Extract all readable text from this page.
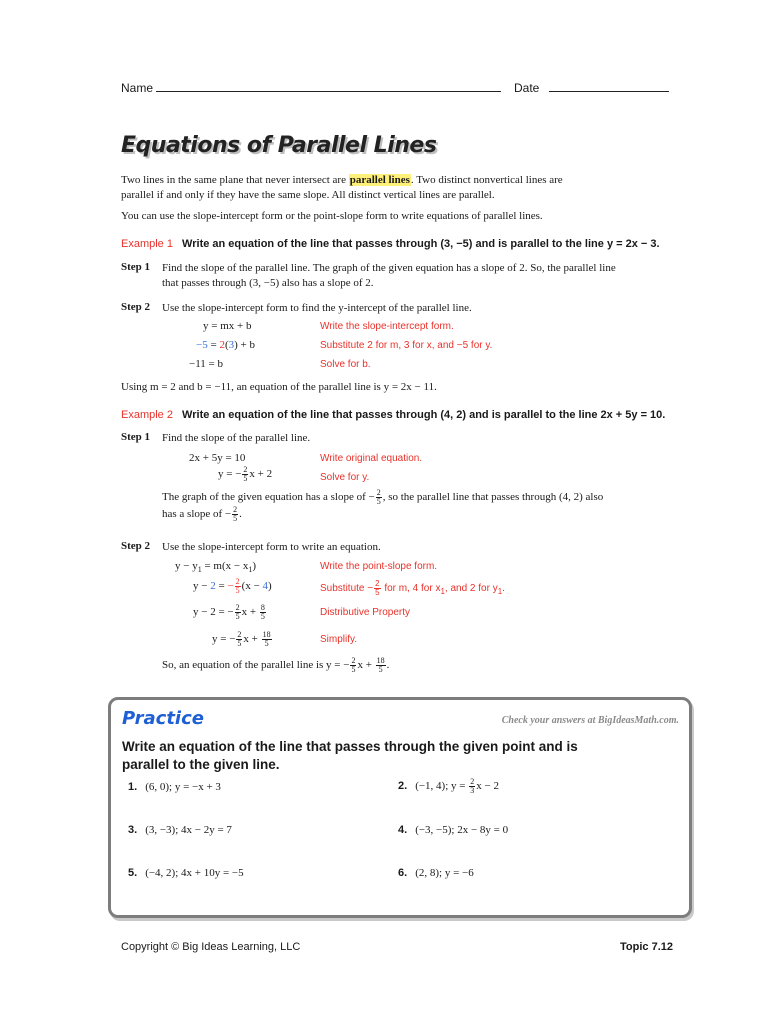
Name	Date
Equations of Parallel Lines
Two lines in the same plane that never intersect are parallel lines. Two distinct nonvertical lines are
parallel if and only if they have the same slope. All distinct vertical lines are parallel.
You can use the slope-intercept form or the point-slope form to write equations of parallel lines.
Example 1 Write an equation of the line that passes through (3, −5) and is parallel to the line y = 2x − 3.
Step 1 Find the slope of the parallel line. The graph of the given equation has a slope of 2. So, the parallel line
that passes through (3, −5) also has a slope of 2.
Step 2 Use the slope-intercept form to find the y-intercept of the parallel line.
y = mx + b	Write the slope-intercept form.
−5 = 2(3) + b	Substitute 2 for m, 3 for x, and −5 for y.
−11 = b	Solve for b.
Using m = 2 and b = −11, an equation of the parallel line is y = 2x − 11.
Example 2 Write an equation of the line that passes through (4, 2) and is parallel to the line 2x + 5y = 10.
Step 1 Find the slope of the parallel line.
2x + 5y = 10	Write original equation.
y = − $\frac{2}{5}$ x + 2	Solve for y.
The graph of the given equation has a slope of − $\frac{2}{5}$ , so the parallel line that passes through (4, 2) also
has a slope of − $\frac{2}{5}$ .
Step 2 Use the slope-intercept form to write an equation.
$y - y_1 = m(x - x_1)$	Write the point-slope form.
y − 2 = − $\frac{2}{5} (x - 4)$	Substitute − $\frac{2}{5}$ for m, 4 for $x_1$, and 2 for $y_1$.
y − 2 = − $\frac{2}{5}$ $x + \frac{8}{5}$	Distributive Property
y = − $\frac{2}{5}$ $x + \frac{18}{5}$	Simplify.
So, an equation of the parallel line is y = − $\frac{2}{5}$ $x + \frac{18}{5}$ .
Practice	Check your answers at BigIdeasMath.com.
Write an equation of the line that passes through the given point and is
parallel to the given line.
1. (6, 0); y = −x + 3	2. (−1, 4); $y = \frac{2}{3}$ x − 2
3. (3, −3); 4x − 2y = 7	4. (−3, −5); 2x − 8y = 0
5. (−4, 2); 4x + 10y = −5	6. (2, 8); y = −6
Copyright © Big Ideas Learning, LLC	Topic 7.12
